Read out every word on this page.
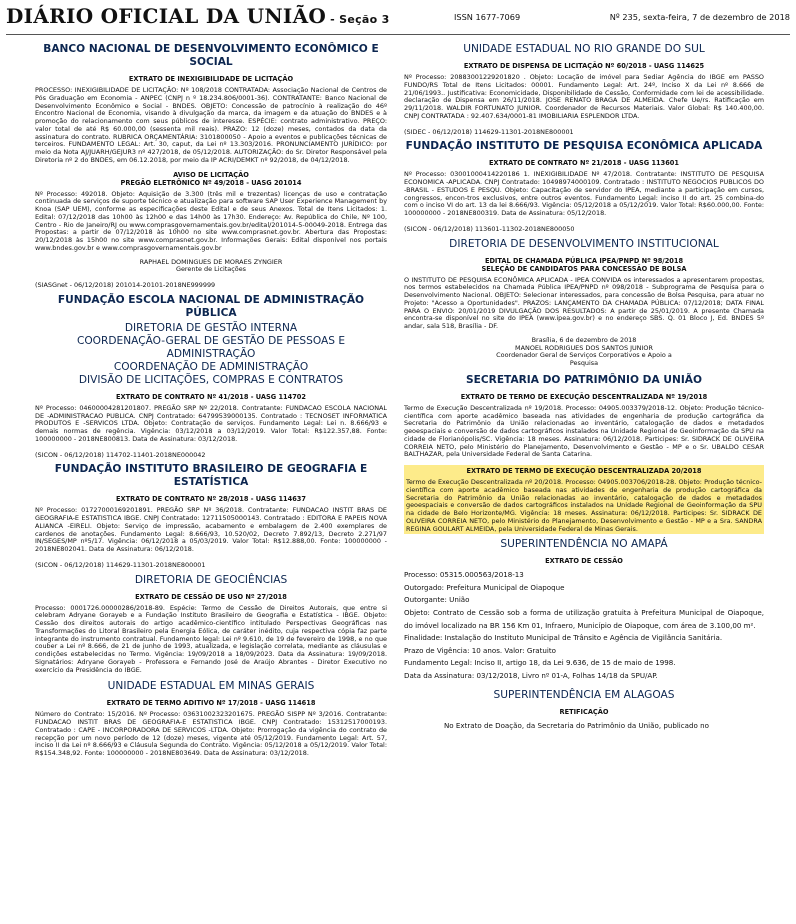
DIÁRIO OFICIAL DA UNIÃO - Seção 3	ISSN 1677-7069	Nº 235, sexta-feira, 7 de dezembro de 2018
BANCO NACIONAL DE DESENVOLVIMENTO ECONÔMICO E SOCIAL
EXTRATO DE INEXIGIBILIDADE DE LICITAÇÃO
PROCESSO: INEXIGIBILIDADE DE LICITAÇÃO: Nº 108/2018 CONTRATADA: Associação Nacional de Centros de Pós Graduação em Economia - ANPEC (CNPJ n º 18.234.806/0001-36). CONTRATANTE: Banco Nacional de Desenvolvimento Econômico e Social - BNDES. OBJETO: Concessão de patrocínio à realização do 46º Encontro Nacional de Economia, visando à divulgação da marca, da imagem e da atuação do BNDES e à promoção do relacionamento com seus públicos de interesse. ESPÉCIE: contrato administrativo. PREÇO: valor total de até R$ 60.000,00 (sessenta mil reais). PRAZO: 12 (doze) meses, contados da data da assinatura do contrato. RUBRICA ORÇAMENTÁRIA: 3101800050 - Apoio a eventos e publicações técnicas de terceiros. FUNDAMENTO LEGAL: Art. 30, caput, da Lei nº 13.303/2016. PRONUNCIAMENTO JURÍDICO: por meio da Nota AJ/JUARH/GEJUR3 nº 427/2018, de 05/12/2018. AUTORIZAÇÃO: do Sr. Diretor Responsável pela Diretoria nº 2 do BNDES, em 06.12.2018, por meio da IP ACRI/DEMKT nº 92/2018, de 04/12/2018.
AVISO DE LICITAÇÃO
PREGÃO ELETRÔNICO Nº 49/2018 - UASG 201014
Nº Processo: 492018. Objeto: Aquisição de 3.300 (três mil e trezentas) licenças de uso e contratação continuada de serviços de suporte técnico e atualização para software SAP User Experience Management by Knoa (SAP UEM), conforme as especificações deste Edital e de seus Anexos. Total de Itens Licitados: 1. Edital: 07/12/2018 das 10h00 às 12h00 e das 14h00 às 17h30. Endereço: Av. República do Chile, Nº 100, Centro - Rio de Janeiro/RJ ou www.comprasgovernamentais.gov.br/edital/201014-5-00049-2018. Entrega das Propostas: a partir de 07/12/2018 às 10h00 no site www.comprasnet.gov.br. Abertura das Propostas: 20/12/2018 às 15h00 no site www.comprasnet.gov.br. Informações Gerais: Edital disponível nos portais www.bndes.gov.br e www.comprasgovernamentais.gov.br
RAPHAEL DOMINGUES DE MORAES ZYNGIER
Gerente de Licitações
(SIASGnet - 06/12/2018) 201014-20101-2018NE999999
FUNDAÇÃO ESCOLA NACIONAL DE ADMINISTRAÇÃO PÚBLICA
DIRETORIA DE GESTÃO INTERNA
COORDENAÇÃO-GERAL DE GESTÃO DE PESSOAS E ADMINISTRAÇÃO
COORDENAÇÃO DE ADMINISTRAÇÃO
DIVISÃO DE LICITAÇÕES, COMPRAS E CONTRATOS
EXTRATO DE CONTRATO Nº 41/2018 - UASG 114702
Nº Processo: 04600004281201807. PREGÃO SRP Nº 22/2018. Contratante: FUNDACAO ESCOLA NACIONAL DE -ADMINISTRACAO PUBLICA. CNPJ Contratado: 64799539000135. Contratado : TECNOSET INFORMATICA PRODUTOS E -SERVICOS LTDA. Objeto: Contratação de serviços. Fundamento Legal: Lei n. 8.666/93 e demais normas de regência. Vigência: 03/12/2018 a 03/12/2019. Valor Total: R$122.357,88. Fonte: 100000000 - 2018NE800813. Data de Assinatura: 03/12/2018.
(SICON - 06/12/2018) 114702-11401-2018NE000042
FUNDAÇÃO INSTITUTO BRASILEIRO DE GEOGRAFIA E ESTATÍSTICA
EXTRATO DE CONTRATO Nº 28/2018 - UASG 114637
Nº Processo: 01727000169201891. PREGÃO SRP Nº 36/2018. Contratante: FUNDACAO INSTIT BRAS DE GEOGRAFIA-E ESTATISTICA IBGE. CNPJ Contratado: 12711505000143. Contratado : EDITORA E PAPEIS NOVA ALIANCA -EIRELI. Objeto: Serviço de impressão, acabamento e embalagem de 2.400 exemplares de cardenos de anotações. Fundamento Legal: 8.666/93, 10.520/02, Decreto 7.892/13, Decreto 2.271/97 IN/SEGES/MP nº5/17. Vigência: 06/12/2018 a 05/03/2019. Valor Total: R$12.888,00. Fonte: 100000000 - 2018NE802041. Data de Assinatura: 06/12/2018.
(SICON - 06/12/2018) 114629-11301-2018NE800001
DIRETORIA DE GEOCIÊNCIAS
EXTRATO DE CESSÃO DE USO Nº 27/2018
Processo: 0001726.00000286/2018-89. Espécie: Termo de Cessão de Direitos Autorais, que entre si celebram Adryane Gorayeb e a Fundação Instituto Brasileiro de Geografia e Estatística - IBGE. Objeto: Cessão dos direitos autorais do artigo acadêmico-científico intitulado Perspectivas Geográficas nas Transformações do Litoral Brasileiro pela Energia Eólica, de caráter inédito, cuja respectiva cópia faz parte integrante do instrumento contratual. Fundamento legal: Lei nº 9.610, de 19 de fevereiro de 1998, e no que couber a Lei nº 8.666, de 21 de junho de 1993, atualizada, e legislação correlata, mediante as cláusulas e condições estabelecidas no Termo. Vigência: 19/09/2018 a 18/09/2023. Data da Assinatura: 19/09/2018. Signatários: Adryane Gorayeb - Professora e Fernando José de Araújo Abrantes - Diretor Executivo no exercício da Presidência do IBGE.
UNIDADE ESTADUAL EM MINAS GERAIS
EXTRATO DE TERMO ADITIVO Nº 17/2018 - UASG 114618
Número do Contrato: 15/2016. Nº Processo: 03631002323201675. PREGÃO SISPP Nº 3/2016. Contratante: FUNDACAO INSTIT BRAS DE GEOGRAFIA-E ESTATISTICA IBGE. CNPJ Contratado: 15312517000193. Contratado : CAPE - INCORPORADORA DE SERVICOS -LTDA. Objeto: Prorrogação da vigência do contrato de recepção por um novo período de 12 (doze) meses, vigente até 05/12/2019. Fundamento Legal: Art. 57, inciso II da Lei nº 8.666/93 e Cláusula Segunda do Contrato. Vigência: 05/12/2018 a 05/12/2019. Valor Total: R$154.348,92. Fonte: 100000000 - 2018NE803649. Data de Assinatura: 03/12/2018.
UNIDADE ESTADUAL NO RIO GRANDE DO SUL
EXTRATO DE DISPENSA DE LICITAÇÃO Nº 60/2018 - UASG 114625
Nº Processo: 20883001229201820 . Objeto: Locação de imóvel para Sediar Agência do IBGE em PASSO FUNDO/RS Total de Itens Licitados: 00001. Fundamento Legal: Art. 24º, Inciso X da Lei nº 8.666 de 21/06/1993.. Justificativa: Economicidade, Disponibilidade de Cessão, Conformidade com lei de acessibilidade. declaração de Dispensa em 26/11/2018. JOSE RENATO BRAGA DE ALMEIDA. Chefe Ue/rs. Ratificação em 29/11/2018. WALDIR FORTUNATO JUNIOR. Coordenador de Recursos Materiais. Valor Global: R$ 140.400,00. CNPJ CONTRATADA : 92.407.634/0001-81 IMOBILIARIA ESPLENDOR LTDA.
(SIDEC - 06/12/2018) 114629-11301-2018NE800001
FUNDAÇÃO INSTITUTO DE PESQUISA ECONÔMICA APLICADA
EXTRATO DE CONTRATO Nº 21/2018 - UASG 113601
Nº Processo: 03001000414220186 1. INEXIGIBILIDADE Nº 47/2018. Contratante: INSTITUTO DE PESQUISA ECONOMICA -APLICADA. CNPJ Contratado: 10498974000109. Contratado : INSTITUTO NEGOCIOS PUBLICOS DO -BRASIL - ESTUDOS E PESQU. Objeto: Capacitação de servidor do IPEA, mediante a participação em cursos, congressos, encon-tros exclusivos, entre outros eventos. Fundamento Legal: inciso II do art. 25 combina-do com o inciso VI do art. 13 da lei 8.666/93. Vigência: 05/12/2018 a 05/12/2019. Valor Total: R$60.000,00. Fonte: 100000000 - 2018NE800319. Data de Assinatura: 05/12/2018.
(SICON - 06/12/2018) 113601-11302-2018NE800050
DIRETORIA DE DESENVOLVIMENTO INSTITUCIONAL
EDITAL DE CHAMADA PÚBLICA IPEA/PNPD Nº 98/2018
SELEÇÃO DE CANDIDATOS PARA CONCESSÃO DE BOLSA
O INSTITUTO DE PESQUISA ECONÔMICA APLICADA - IPEA CONVIDA os interessados a apresentarem propostas, nos termos estabelecidos na Chamada Pública IPEA/PNPD nº 098/2018 - Subprograma de Pesquisa para o Desenvolvimento Nacional. OBJETO: Selecionar interessados, para concessão de Bolsa Pesquisa, para atuar no Projeto: "Acesso a Oportunidades". PRAZOS: LANÇAMENTO DA CHAMADA PÚBLICA: 07/12/2018; DATA FINAL PARA O ENVIO: 20/01/2019 DIVULGAÇÃO DOS RESULTADOS: A partir de 25/01/2019. A presente Chamada encontra-se disponível no site do IPEA (www.ipea.gov.br) e no endereço SBS. Q. 01 Bloco J, Ed. BNDES 5º andar, sala 518, Brasília - DF.
Brasília, 6 de dezembro de 2018
MANOEL RODRIGUES DOS SANTOS JUNIOR
Coordenador Geral de Serviços Corporativos e Apoio a
Pesquisa
SECRETARIA DO PATRIMÔNIO DA UNIÃO
EXTRATO DE TERMO DE EXECUÇÃO DESCENTRALIZADA Nº 19/2018
Termo de Execução Descentralizada nº 19/2018. Processo: 04905.003379/2018-12. Objeto: Produção técnico-científica com aporte acadêmico baseada nas atividades de engenharia de produção cartográfica da Secretaria do Patrimônio da União relacionadas ao inventário, catalogação de dados e metadados geoespaciais e conversão de dados cartográficos instalados na Unidade Regional de Geoinformação da SPU na cidade de Florianópolis/SC. Vigência: 18 meses. Assinatura: 06/12/2018. Participes: Sr. SIDRACK DE OLIVEIRA CORREIA NETO, pelo Ministério do Planejamento, Desenvolvimento e Gestão - MP e o Sr. UBALDO CESAR BALTHAZAR, pela Universidade Federal de Santa Catarina.
EXTRATO DE TERMO DE EXECUÇÃO DESCENTRALIZADA 20/2018
Termo de Execução Descentralizada nº 20/2018. Processo: 04905.003706/2018-28. Objeto: Produção técnico-científica com aporte acadêmico baseada nas atividades de engenharia de produção cartográfica da Secretaria do Patrimônio da União relacionadas ao inventário, catalogação de dados e metadados geoespaciais e conversão de dados cartográficos instalados na Unidade Regional de Geoinformação da SPU na cidade de Belo Horizonte/MG. Vigência: 18 meses. Assinatura: 06/12/2018. Participes: Sr. SIDRACK DE OLIVEIRA CORREIA NETO, pelo Ministério do Planejamento, Desenvolvimento e Gestão - MP e a Sra. SANDRA REGINA GOULART ALMEIDA, pela Universidade Federal de Minas Gerais.
SUPERINTENDÊNCIA NO AMAPÁ
EXTRATO DE CESSÃO
Processo: 05315.000563/2018-13
Outorgado: Prefeitura Municipal de Oiapoque
Outorgante: União
Objeto: Contrato de Cessão sob a forma de utilização gratuita à Prefeitura Municipal de Oiapoque, do imóvel localizado na BR 156 Km 01, Infraero, Município de Oiapoque, com área de 3.100,00 m².
Finalidade: Instalação do Instituto Municipal de Trânsito e Agência de Vigilância Sanitária.
Prazo de Vigência: 10 anos. Valor: Gratuito
Fundamento Legal: Inciso II, artigo 18, da Lei 9.636, de 15 de maio de 1998.
Data da Assinatura: 03/12/2018, Livro nº 01-A, Folhas 14/18 da SPU/AP.
SUPERINTENDÊNCIA EM ALAGOAS
RETIFICAÇÃO
No Extrato de Doação, da Secretaria do Patrimônio da União, publicado no
